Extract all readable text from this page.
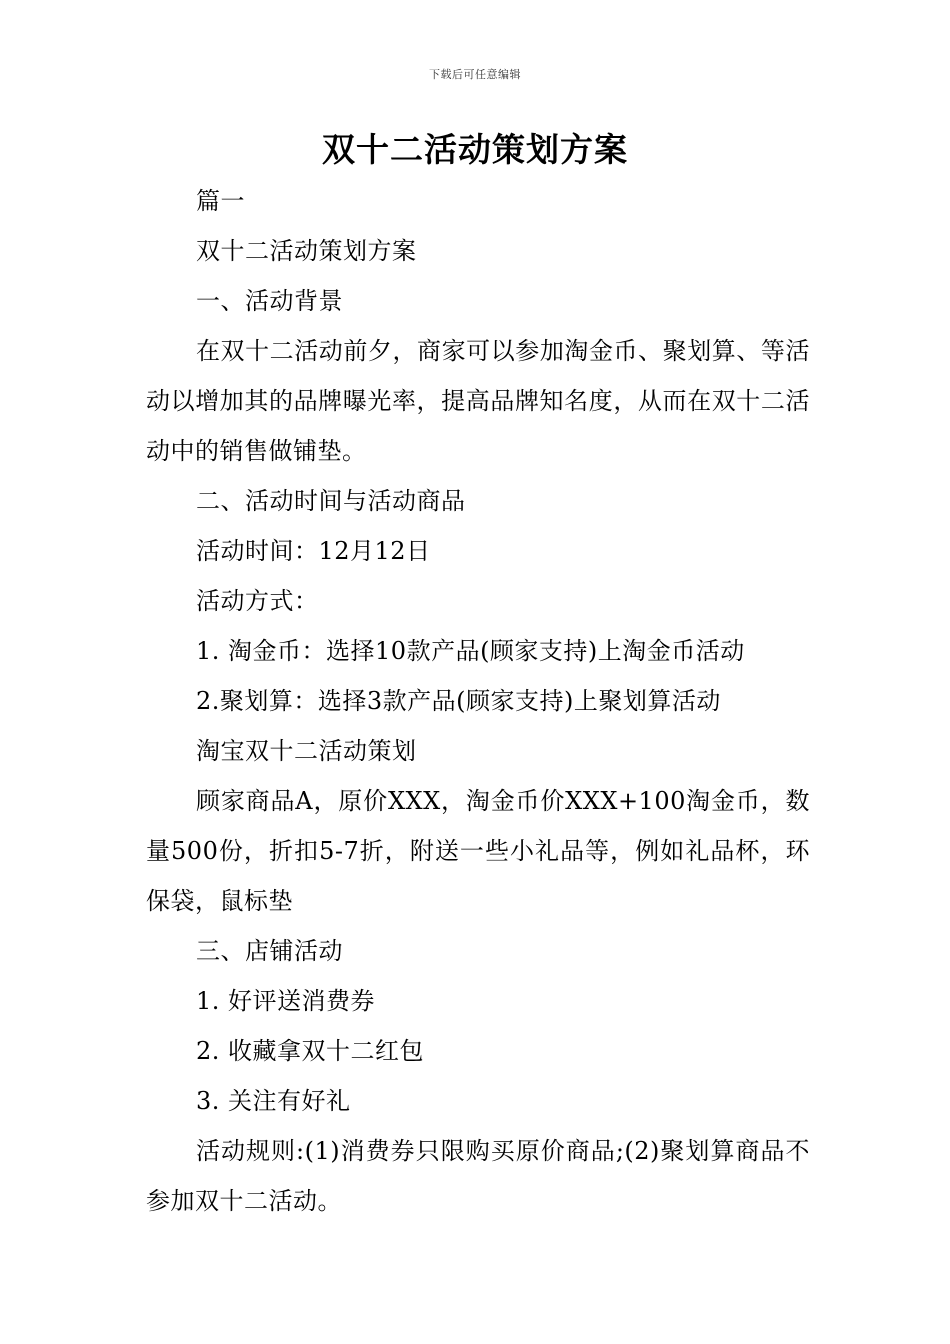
下载后可任意编辑
双十二活动策划方案

篇一

双十二活动策划方案

一、活动背景

在双十二活动前夕，商家可以参加淘金币、聚划算、等活动以增加其的品牌曝光率，提高品牌知名度，从而在双十二活动中的销售做铺垫。

二、活动时间与活动商品

活动时间：12月12日

活动方式：

1. 淘金币：选择10款产品(顾家支持)上淘金币活动

2.聚划算：选择3款产品(顾家支持)上聚划算活动

淘宝双十二活动策划

顾家商品A，原价XXX，淘金币价XXX+100淘金币，数量500份，折扣5-7折，附送一些小礼品等，例如礼品杯，环保袋，鼠标垫

三、店铺活动

1. 好评送消费券

2. 收藏拿双十二红包

3. 关注有好礼

活动规则:(1)消费券只限购买原价商品;(2)聚划算商品不参加双十二活动。
